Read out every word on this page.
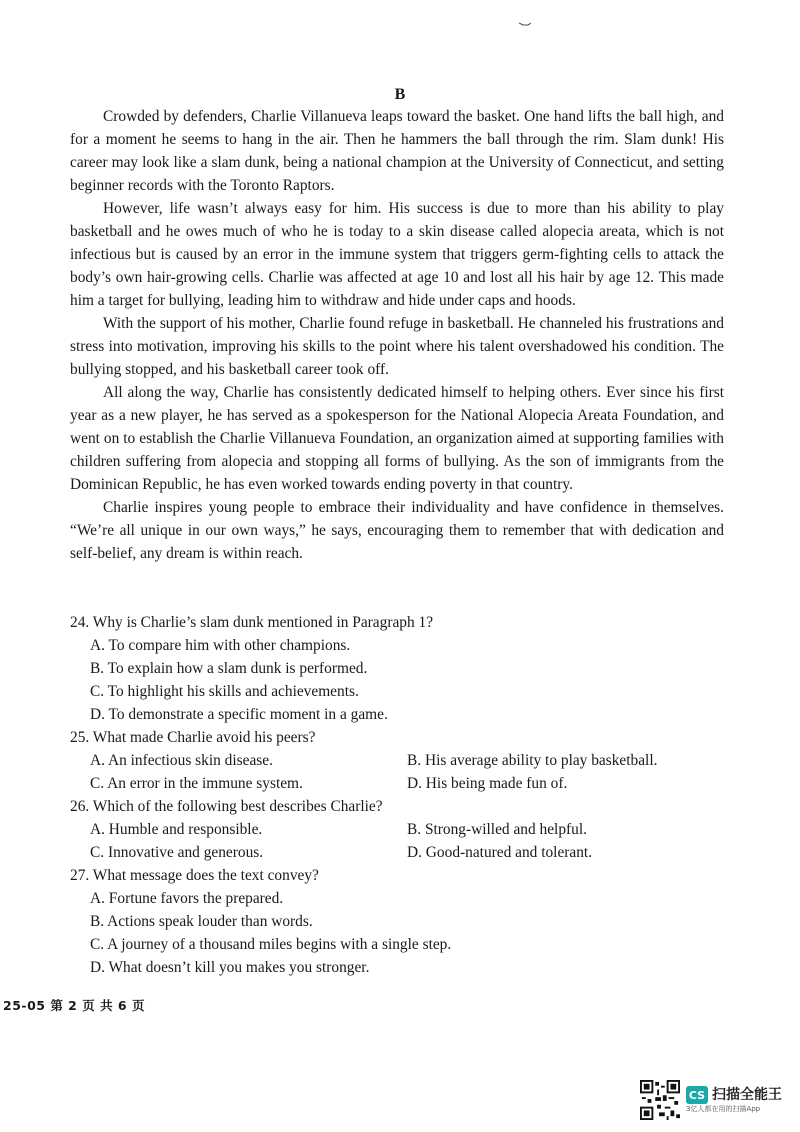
B

Crowded by defenders, Charlie Villanueva leaps toward the basket. One hand lifts the ball high, and for a moment he seems to hang in the air. Then he hammers the ball through the rim. Slam dunk! His career may look like a slam dunk, being a national champion at the University of Connecticut, and setting beginner records with the Toronto Raptors.

However, life wasn’t always easy for him. His success is due to more than his ability to play basketball and he owes much of who he is today to a skin disease called alopecia areata, which is not infectious but is caused by an error in the immune system that triggers germ-fighting cells to attack the body’s own hair-growing cells. Charlie was affected at age 10 and lost all his hair by age 12. This made him a target for bullying, leading him to withdraw and hide under caps and hoods.

With the support of his mother, Charlie found refuge in basketball. He channeled his frustrations and stress into motivation, improving his skills to the point where his talent overshadowed his condition. The bullying stopped, and his basketball career took off.

All along the way, Charlie has consistently dedicated himself to helping others. Ever since his first year as a new player, he has served as a spokesperson for the National Alopecia Areata Foundation, and went on to establish the Charlie Villanueva Foundation, an organization aimed at supporting families with children suffering from alopecia and stopping all forms of bullying. As the son of immigrants from the Dominican Republic, he has even worked towards ending poverty in that country.

Charlie inspires young people to embrace their individuality and have confidence in themselves. “We’re all unique in our own ways,” he says, encouraging them to remember that with dedication and self-belief, any dream is within reach.

24. Why is Charlie’s slam dunk mentioned in Paragraph 1?

A. To compare him with other champions.

B. To explain how a slam dunk is performed.

C. To highlight his skills and achievements.

D. To demonstrate a specific moment in a game.

25. What made Charlie avoid his peers?

A. An infectious skin disease.	B. His average ability to play basketball.

C. An error in the immune system.	D. His being made fun of.

26. Which of the following best describes Charlie?

A. Humble and responsible.	B. Strong-willed and helpful.

C. Innovative and generous.	D. Good-natured and tolerant.

27. What message does the text convey?

A. Fortune favors the prepared.

B. Actions speak louder than words.

C. A journey of a thousand miles begins with a single step.

D. What doesn’t kill you makes you stronger.

25-05 第 2 页 共 6 页
CS 扫描全能王
3亿人都在用的扫描App
